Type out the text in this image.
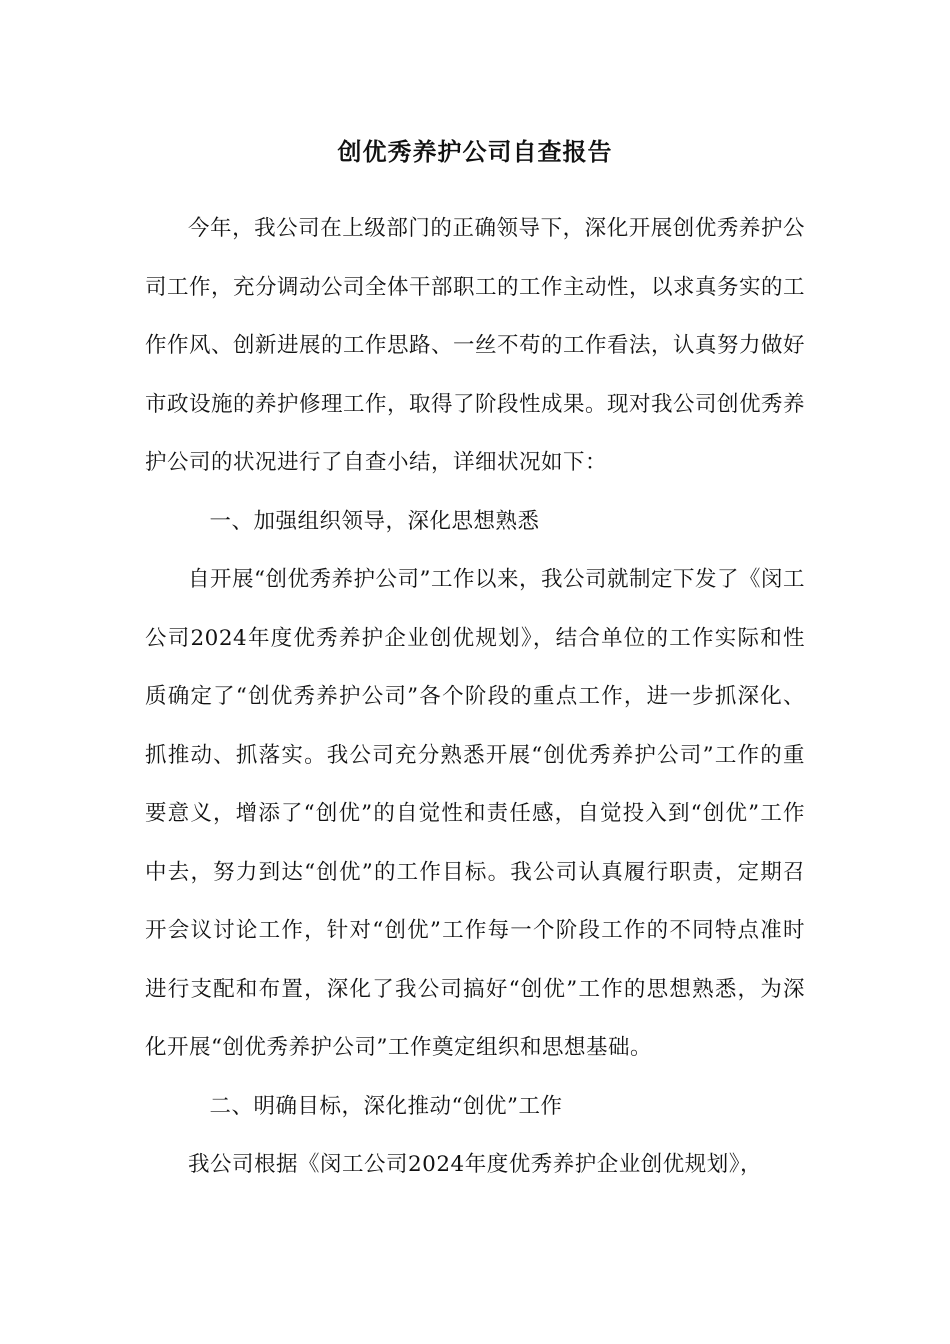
创优秀养护公司自查报告

今年，我公司在上级部门的正确领导下，深化开展创优秀养护公司工作，充分调动公司全体干部职工的工作主动性，以求真务实的工作作风、创新进展的工作思路、一丝不苟的工作看法，认真努力做好市政设施的养护修理工作，取得了阶段性成果。现对我公司创优秀养护公司的状况进行了自查小结，详细状况如下：

一、加强组织领导，深化思想熟悉

自开展“创优秀养护公司”工作以来，我公司就制定下发了《闵工公司2024年度优秀养护企业创优规划》，结合单位的工作实际和性质确定了“创优秀养护公司”各个阶段的重点工作，进一步抓深化、抓推动、抓落实。我公司充分熟悉开展“创优秀养护公司”工作的重要意义，增添了“创优”的自觉性和责任感，自觉投入到“创优”工作中去，努力到达“创优”的工作目标。我公司认真履行职责，定期召开会议讨论工作，针对“创优”工作每一个阶段工作的不同特点准时进行支配和布置，深化了我公司搞好“创优”工作的思想熟悉，为深化开展“创优秀养护公司”工作奠定组织和思想基础。

二、明确目标，深化推动“创优”工作

我公司根据《闵工公司2024年度优秀养护企业创优规划》，
